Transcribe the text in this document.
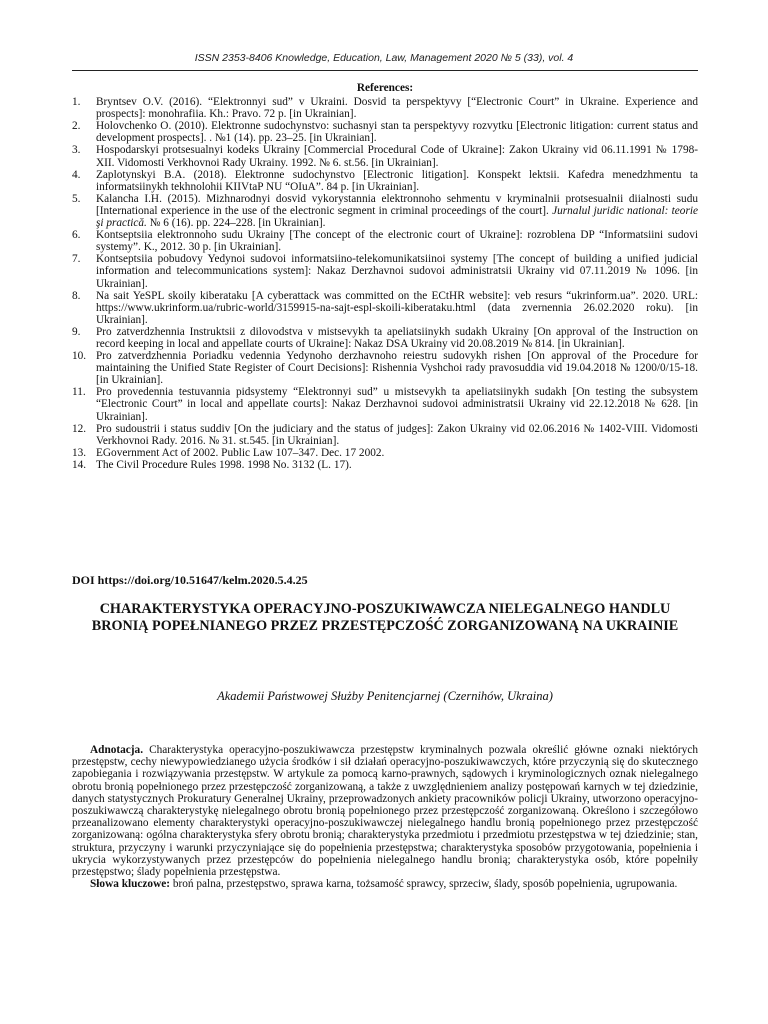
ISSN 2353-8406 Knowledge, Education, Law, Management 2020 № 5 (33), vol. 4
References:
1. Bryntsev O.V. (2016). “Elektronnyi sud” v Ukraini. Dosvid ta perspektyvy [“Electronic Court” in Ukraine. Experience and prospects]: monohrafiia. Kh.: Pravo. 72 p. [in Ukrainian].
2. Holovchenko O. (2010). Elektronne sudochynstvo: suchasnyi stan ta perspektyvy rozvytku [Electronic litigation: current status and development prospects]. . №1 (14). pp. 23–25. [in Ukrainian].
3. Hospodarskyi protsesualnyi kodeks Ukrainy [Commercial Procedural Code of Ukraine]: Zakon Ukrainy vid 06.11.1991 № 1798-XII. Vidomosti Verkhovnoi Rady Ukrainy. 1992. № 6. st.56. [in Ukrainian].
4. Zaplotynskyi B.A. (2018). Elektronne sudochynstvo [Electronic litigation]. Konspekt lektsii. Kafedra menedzhmentu ta informatsiinykh tekhnolohii KIIVtaP NU “OIuA”. 84 p. [in Ukrainian].
5. Kalancha I.H. (2015). Mizhnarodnyi dosvid vykorystannia elektronnoho sehmentu v kryminalnii protsesualnii diialnosti sudu [International experience in the use of the electronic segment in criminal proceedings of the court]. Jurnalul juridic national: teorie şi practică. № 6 (16). pp. 224–228. [in Ukrainian].
6. Kontseptsiia elektronnoho sudu Ukrainy [The concept of the electronic court of Ukraine]: rozroblena DP “Informatsiini sudovi systemy”. K., 2012. 30 p. [in Ukrainian].
7. Kontseptsiia pobudovy Yedynoi sudovoi informatsiino-telekomunikatsiinoi systemy [The concept of building a unified judicial information and telecommunications system]: Nakaz Derzhavnoi sudovoi administratsii Ukrainy vid 07.11.2019 № 1096. [in Ukrainian].
8. Na sait YeSPL skoily kiberataku [A cyberattack was committed on the ECtHR website]: veb resurs “ukrinform.ua”. 2020. URL: https://www.ukrinform.ua/rubric-world/3159915-na-sajt-espl-skoili-kiberataku.html (data zvernennia 26.02.2020 roku). [in Ukrainian].
9. Pro zatverdzhennia Instruktsii z dilovodstva v mistsevykh ta apeliatsiinykh sudakh Ukrainy [On approval of the Instruction on record keeping in local and appellate courts of Ukraine]: Nakaz DSA Ukrainy vid 20.08.2019 № 814. [in Ukrainian].
10. Pro zatverdzhennia Poriadku vedennia Yedynoho derzhavnoho reiestru sudovykh rishen [On approval of the Procedure for maintaining the Unified State Register of Court Decisions]: Rishennia Vyshchoi rady pravosuddia vid 19.04.2018 № 1200/0/15-18. [in Ukrainian].
11. Pro provedennia testuvannia pidsystemy “Elektronnyi sud” u mistsevykh ta apeliatsiinykh sudakh [On testing the subsystem “Electronic Court” in local and appellate courts]: Nakaz Derzhavnoi sudovoi administratsii Ukrainy vid 22.12.2018 № 628. [in Ukrainian].
12. Pro sudoustrii i status suddiv [On the judiciary and the status of judges]: Zakon Ukrainy vid 02.06.2016 № 1402-VIII. Vidomosti Verkhovnoi Rady. 2016. № 31. st.545. [in Ukrainian].
13. EGovernment Act of 2002. Public Law 107–347. Dec. 17 2002.
14. The Civil Procedure Rules 1998. 1998 No. 3132 (L. 17).
DOI https://doi.org/10.51647/kelm.2020.5.4.25
CHARAKTERYSTYKA OPERACYJNO-POSZUKIWAWCZA NIELEGALNEGO HANDLU BRONIĄ POPEŁNIANEGO PRZEZ PRZESTĘPCZOŚĆ ZORGANIZOWANĄ NA UKRAINIE
Akademii Państwowej Służby Penitencjarnej (Czernihów, Ukraina)

Adnotacja. Charakterystyka operacyjno-poszukiwawcza przestępstw kryminalnych pozwala określić główne oznaki niektórych przestępstw, cechy niewypowiedzianego użycia środków i sił działań operacyjno-poszukiwawczych, które przyczynią się do skutecznego zapobiegania i rozwiązywania przestępstw. W artykule za pomocą karno-prawnych, sądowych i kryminologicznych oznak nielegalnego obrotu bronią popełnionego przez przestępczość zorganizowaną, a także z uwzględnieniem analizy postępowań karnych w tej dziedzinie, danych statystycznych Prokuratury Generalnej Ukrainy, przeprowadzonych ankiety pracowników policji Ukrainy, utworzono operacyjno-poszukiwawczą charakterystykę nielegalnego obrotu bronią popełnionego przez przestępczość zorganizowaną. Określono i szczegółowo przeanalizowano elementy charakterystyki operacyjno-poszukiwawczej nielegalnego handlu bronią popełnionego przez przestępczość zorganizowaną: ogólna charakterystyka sfery obrotu bronią; charakterystyka przedmiotu i przedmiotu przestępstwa w tej dziedzinie; stan, struktura, przyczyny i warunki przyczyniające się do popełnienia przestępstwa; charakterystyka sposobów przygotowania, popełnienia i ukrycia wykorzystywanych przez przestępców do popełnienia nielegalnego handlu bronią; charakterystyka osób, które popełniły przestępstwo; ślady popełnienia przestępstwa.

Słowa kluczowe: broń palna, przestępstwo, sprawa karna, tożsamość sprawcy, sprzeciw, ślady, sposób popełnienia, ugrupowania.
